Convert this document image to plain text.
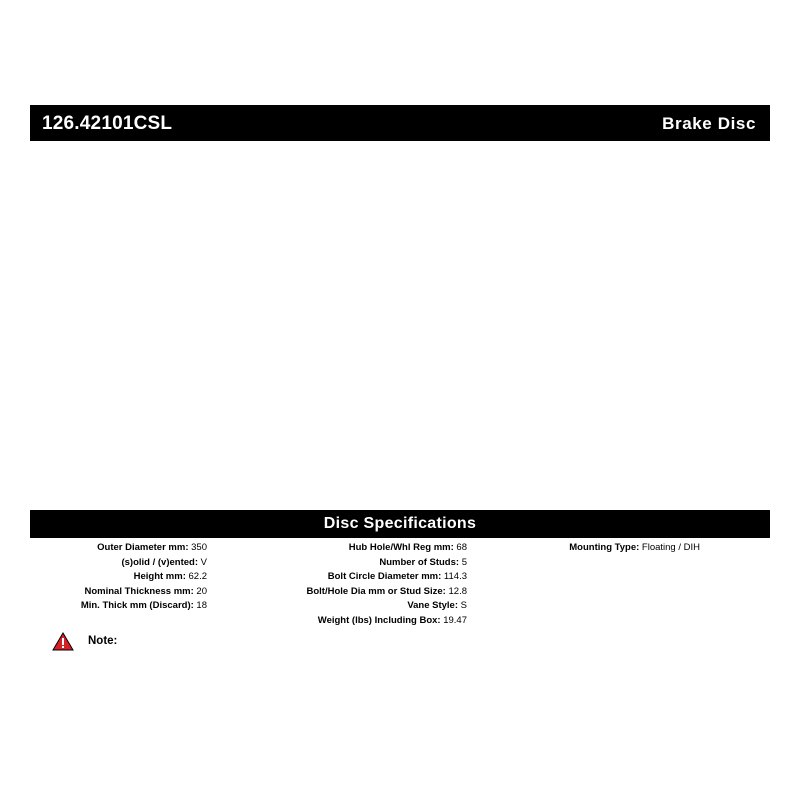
126.42101CSL	Brake Disc
Disc Specifications
Outer Diameter mm: 350
(s)olid / (v)ented: V
Height mm: 62.2
Nominal Thickness mm: 20
Min. Thick mm (Discard): 18
Hub Hole/Whl Reg mm: 68
Number of Studs: 5
Bolt Circle Diameter mm: 114.3
Bolt/Hole Dia mm or Stud Size: 12.8
Vane Style: S
Weight (lbs) Including Box: 19.47
Mounting Type: Floating / DIH
Note:
